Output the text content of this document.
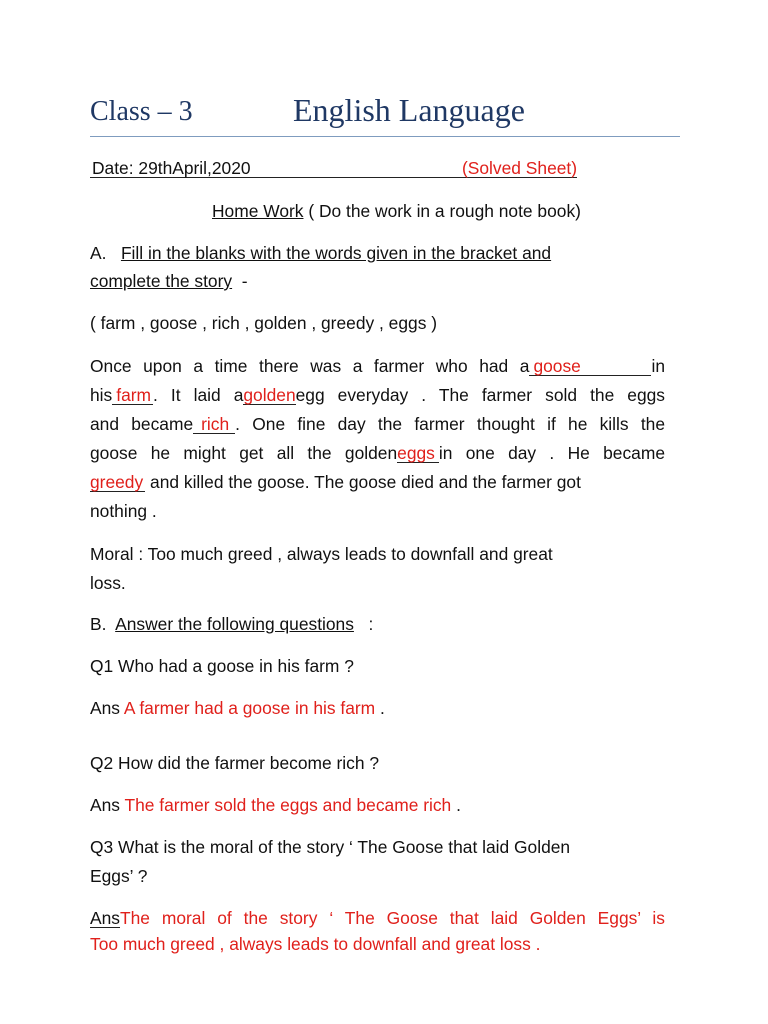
Class – 3	English Language
Date: 29thApril,2020	(Solved Sheet)
Home Work ( Do the work in a rough note book)
A. Fill in the blanks with the words given in the bracket and
complete the story -
( farm , goose , rich , golden , greedy , eggs )
Once upon a time there was a farmer who had a goose	in
his farm . It laid agoldenegg everyday . The farmer sold the eggs
and became rich . One fine day the farmer thought if he kills the
goose he might get all the goldeneggs in one day . He became
greedy and killed the goose. The goose died and the farmer got
nothing .
Moral : Too much greed , always leads to downfall and great
loss.
B. Answer the following questions :
Q1 Who had a goose in his farm ?
Ans A farmer had a goose in his farm .
Q2 How did the farmer become rich ?
Ans The farmer sold the eggs and became rich .
Q3 What is the moral of the story ‘ The Goose that laid Golden
Eggs’ ?
AnsThe moral of the story ‘ The Goose that laid Golden Eggs’ is
Too much greed , always leads to downfall and great loss .
